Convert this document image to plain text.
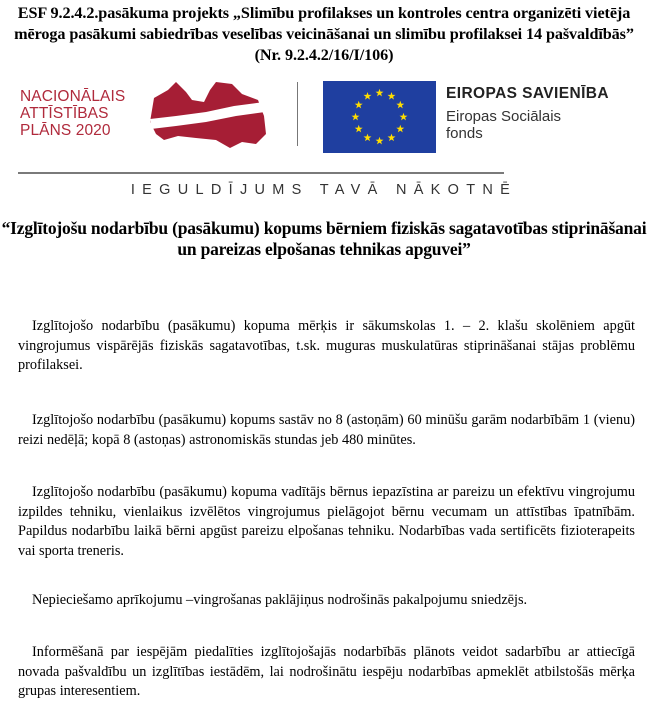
ESF 9.2.4.2.pasākuma projekts „Slimību profilakses un kontroles centra organizēti vietēja mēroga pasākumi sabiedrības veselības veicināšanai un slimību profilaksei 14 pašvaldībās” (Nr. 9.2.4.2/16/I/106)
NACIONĀLAIS
ATTĪSTĪBAS
PLĀNS 2020
EIROPAS SAVIENĪBA
Eiropas Sociālais
fonds
IEGULDĪJUMS TAVĀ NĀKOTNĒ
“Izglītojošu nodarbību (pasākumu) kopums bērniem fiziskās sagatavotības stiprināšanai un pareizas elpošanas tehnikas apguvei”

Izglītojošo nodarbību (pasākumu) kopuma mērķis ir sākumskolas 1. – 2. klašu skolēniem apgūt vingrojumus vispārējās fiziskās sagatavotības, t.sk. muguras muskulatūras stiprināšanai stājas problēmu profilaksei.

Izglītojošo nodarbību (pasākumu) kopums sastāv no 8 (astoņām) 60 minūšu garām nodarbībām 1 (vienu) reizi nedēļā; kopā 8 (astoņas) astronomiskās stundas jeb 480 minūtes.

Izglītojošo nodarbību (pasākumu) kopuma vadītājs bērnus iepazīstina ar pareizu un efektīvu vingrojumu izpildes tehniku, vienlaikus izvēlētos vingrojumus pielāgojot bērnu vecumam un attīstības īpatnībām. Papildus nodarbību laikā bērni apgūst pareizu elpošanas tehniku. Nodarbības vada sertificēts fizioterapeits vai sporta treneris.

Nepieciešamo aprīkojumu –vingrošanas paklājiņus nodrošinās pakalpojumu sniedzējs.

Informēšanā par iespējām piedalīties izglītojošajās nodarbībās plānots veidot sadarbību ar attiecīgā novada pašvaldību un izglītības iestādēm, lai nodrošinātu iespēju nodarbības apmeklēt atbilstošās mērķa grupas interesentiem.
